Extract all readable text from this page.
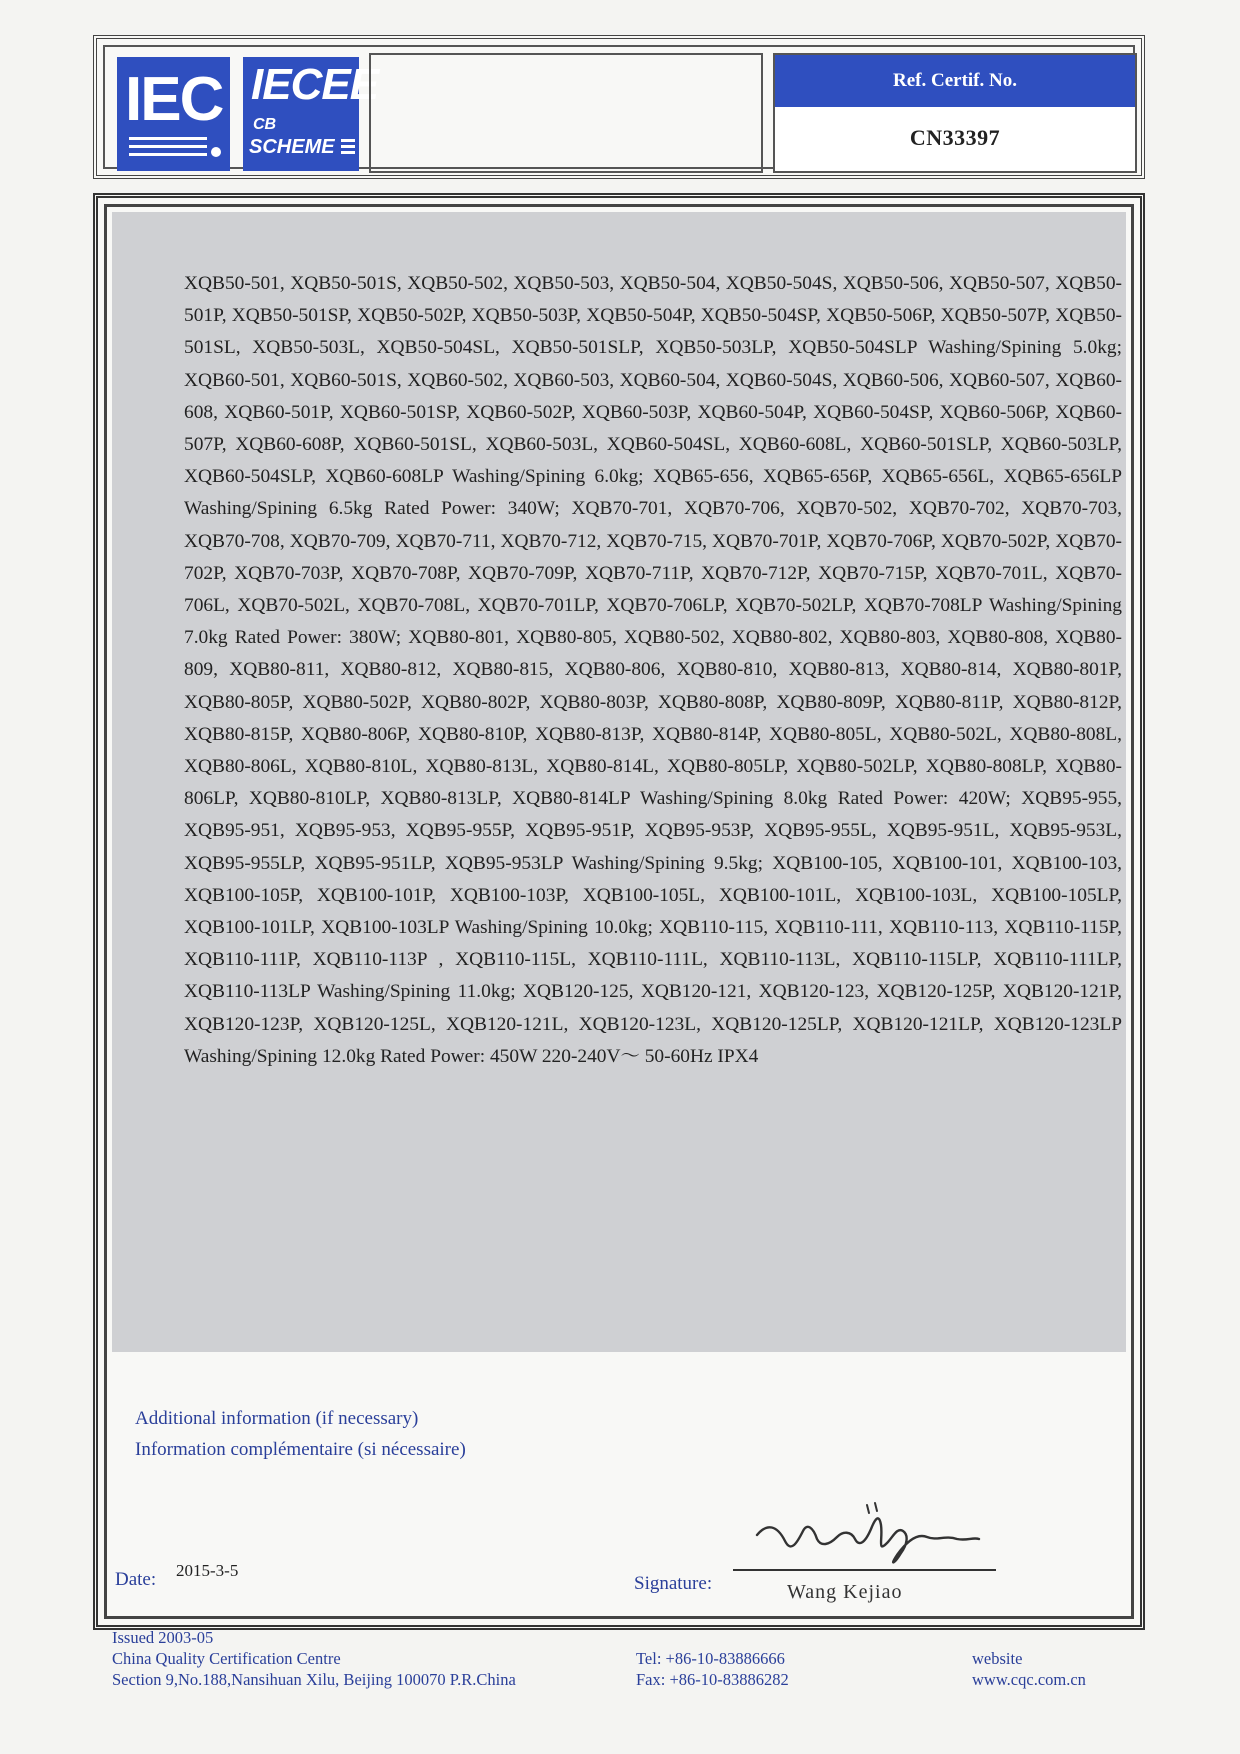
IEC IECEE
CB
SCHEME
Ref. Certif. No.
CN33397
XQB50-501, XQB50-501S, XQB50-502, XQB50-503, XQB50-504, XQB50-504S, XQB50-506, XQB50-507, XQB50-501P, XQB50-501SP, XQB50-502P, XQB50-503P, XQB50-504P, XQB50-504SP, XQB50-506P, XQB50-507P, XQB50-501SL, XQB50-503L, XQB50-504SL, XQB50-501SLP, XQB50-503LP, XQB50-504SLP Washing/Spining 5.0kg; XQB60-501, XQB60-501S, XQB60-502, XQB60-503, XQB60-504, XQB60-504S, XQB60-506, XQB60-507, XQB60-608, XQB60-501P, XQB60-501SP, XQB60-502P, XQB60-503P, XQB60-504P, XQB60-504SP, XQB60-506P, XQB60-507P, XQB60-608P, XQB60-501SL, XQB60-503L, XQB60-504SL, XQB60-608L, XQB60-501SLP, XQB60-503LP, XQB60-504SLP, XQB60-608LP Washing/Spining 6.0kg; XQB65-656, XQB65-656P, XQB65-656L, XQB65-656LP Washing/Spining 6.5kg Rated Power: 340W; XQB70-701, XQB70-706, XQB70-502, XQB70-702, XQB70-703, XQB70-708, XQB70-709, XQB70-711, XQB70-712, XQB70-715, XQB70-701P, XQB70-706P, XQB70-502P, XQB70-702P, XQB70-703P, XQB70-708P, XQB70-709P, XQB70-711P, XQB70-712P, XQB70-715P, XQB70-701L, XQB70-706L, XQB70-502L, XQB70-708L, XQB70-701LP, XQB70-706LP, XQB70-502LP, XQB70-708LP Washing/Spining 7.0kg Rated Power: 380W; XQB80-801, XQB80-805, XQB80-502, XQB80-802, XQB80-803, XQB80-808, XQB80-809, XQB80-811, XQB80-812, XQB80-815, XQB80-806, XQB80-810, XQB80-813, XQB80-814, XQB80-801P, XQB80-805P, XQB80-502P, XQB80-802P, XQB80-803P, XQB80-808P, XQB80-809P, XQB80-811P, XQB80-812P, XQB80-815P, XQB80-806P, XQB80-810P, XQB80-813P, XQB80-814P, XQB80-805L, XQB80-502L, XQB80-808L, XQB80-806L, XQB80-810L, XQB80-813L, XQB80-814L, XQB80-805LP, XQB80-502LP, XQB80-808LP, XQB80-806LP, XQB80-810LP, XQB80-813LP, XQB80-814LP Washing/Spining 8.0kg Rated Power: 420W; XQB95-955, XQB95-951, XQB95-953, XQB95-955P, XQB95-951P, XQB95-953P, XQB95-955L, XQB95-951L, XQB95-953L, XQB95-955LP, XQB95-951LP, XQB95-953LP Washing/Spining 9.5kg; XQB100-105, XQB100-101, XQB100-103, XQB100-105P, XQB100-101P, XQB100-103P, XQB100-105L, XQB100-101L, XQB100-103L, XQB100-105LP, XQB100-101LP, XQB100-103LP Washing/Spining 10.0kg; XQB110-115, XQB110-111, XQB110-113, XQB110-115P, XQB110-111P, XQB110-113P , XQB110-115L, XQB110-111L, XQB110-113L, XQB110-115LP, XQB110-111LP, XQB110-113LP Washing/Spining 11.0kg; XQB120-125, XQB120-121, XQB120-123, XQB120-125P, XQB120-121P, XQB120-123P, XQB120-125L, XQB120-121L, XQB120-123L, XQB120-125LP, XQB120-121LP, XQB120-123LP Washing/Spining 12.0kg Rated Power: 450W 220-240V～ 50-60Hz IPX4
Additional information (if necessary)
Information complémentaire (si nécessaire)
Date: 2015-3-5
Signature:	Wang Kejiao
Issued 2003-05
China Quality Certification Centre
Section 9,No.188,Nansihuan Xilu, Beijing 100070 P.R.China
Tel: +86-10-83886666
Fax: +86-10-83886282
website
www.cqc.com.cn
